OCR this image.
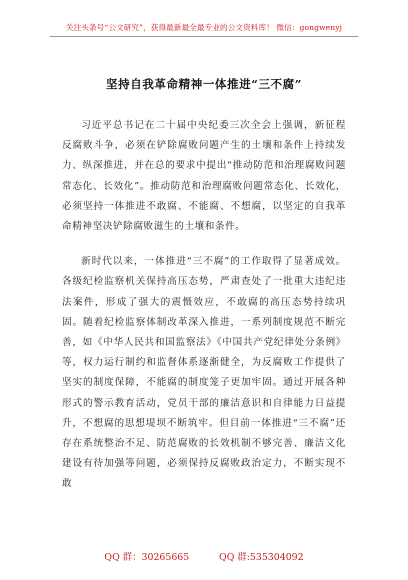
关注头条号“公文研究”，获得最新最全最专业的公文资料库！ 微信：gongwenyj
坚持自我革命精神一体推进“三不腐”

习近平总书记在二十届中央纪委三次全会上强调，新征程反腐败斗争，必须在铲除腐败问题产生的土壤和条件上持续发力、纵深推进，并在总的要求中提出“推动防范和治理腐败问题常态化、长效化”。推动防范和治理腐败问题常态化、长效化，必须坚持一体推进不敢腐、不能腐、不想腐，以坚定的自我革命精神坚决铲除腐败滋生的土壤和条件。

新时代以来，一体推进“三不腐”的工作取得了显著成效。各级纪检监察机关保持高压态势，严肃查处了一批重大违纪违法案件，形成了强大的震慑效应，不敢腐的高压态势持续巩固。随着纪检监察体制改革深入推进，一系列制度规范不断完善，如《中华人民共和国监察法》《中国共产党纪律处分条例》等，权力运行制约和监督体系逐渐健全，为反腐败工作提供了坚实的制度保障，不能腐的制度笼子更加牢固。通过开展各种形式的警示教育活动，党员干部的廉洁意识和自律能力日益提升，不想腐的思想堤坝不断筑牢。但目前一体推进“三不腐”还存在系统整治不足、防范腐败的长效机制不够完善、廉洁文化建设有待加强等问题，必须保持反腐败政治定力，不断实现不敢

QQ 群：30265665          QQ 群:535304092
